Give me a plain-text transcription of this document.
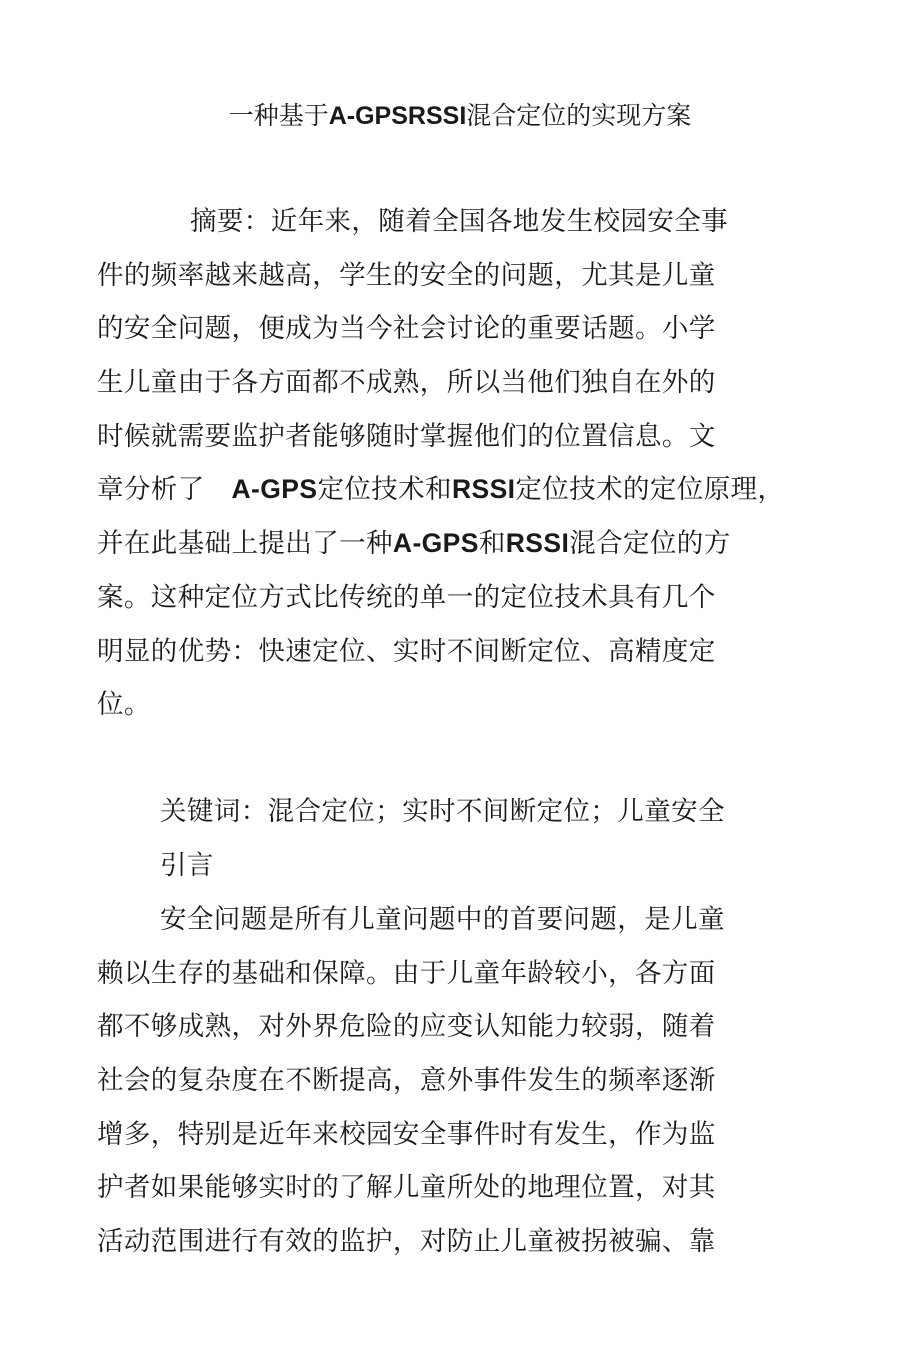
一种基于A-GPSRSSI混合定位的实现方案
摘要：近年来，随着全国各地发生校园安全事
件的频率越来越高，学生的安全的问题，尤其是儿童
的安全问题，便成为当今社会讨论的重要话题。小学
生儿童由于各方面都不成熟，所以当他们独自在外的
时候就需要监护者能够随时掌握他们的位置信息。文
章分析了  A-GPS定位技术和RSSI定位技术的定位原理，
并在此基础上提出了一种A-GPS和RSSI混合定位的方
案。这种定位方式比传统的单一的定位技术具有几个
明显的优势：快速定位、实时不间断定位、高精度定
位。
关键词：混合定位；实时不间断定位；儿童安全
引言
安全问题是所有儿童问题中的首要问题，是儿童
赖以生存的基础和保障。由于儿童年龄较小，各方面
都不够成熟，对外界危险的应变认知能力较弱，随着
社会的复杂度在不断提高，意外事件发生的频率逐渐
增多，特别是近年来校园安全事件时有发生，作为监
护者如果能够实时的了解儿童所处的地理位置，对其
活动范围进行有效的监护，对防止儿童被拐被骗、靠
